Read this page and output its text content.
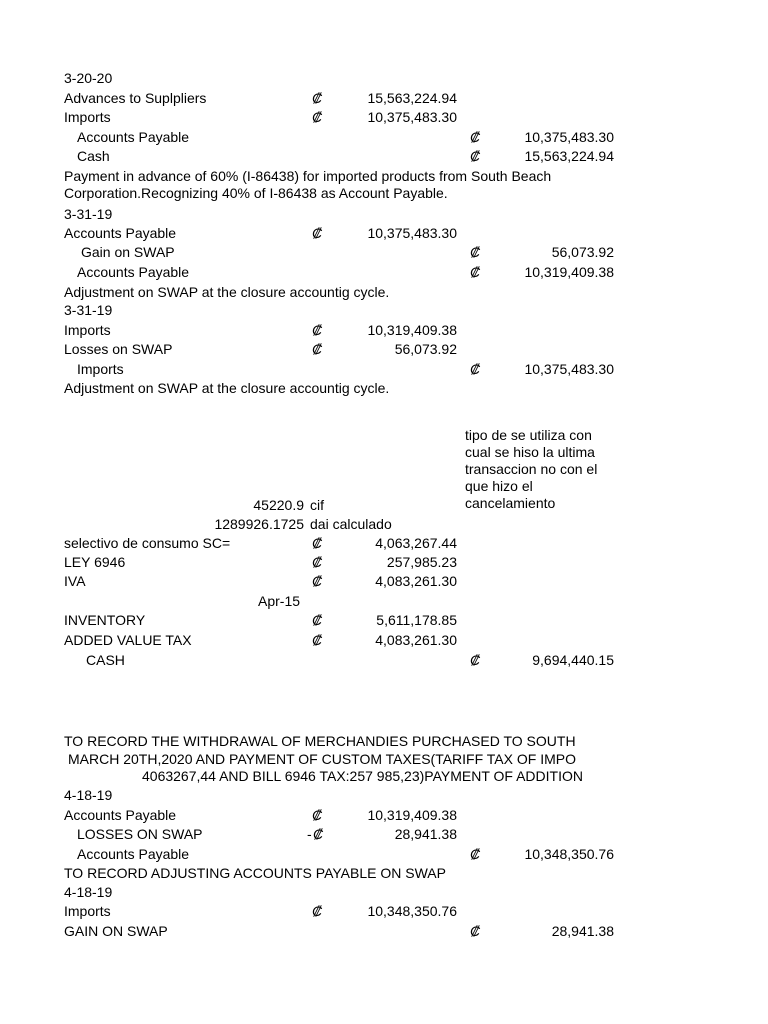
3-20-20
Advances to Suplpliers	₡	15,563,224.94
Imports	₡	10,375,483.30
Accounts Payable	₡	10,375,483.30
Cash	₡	15,563,224.94
Payment in advance of 60% (I-86438) for imported products from South Beach Corporation.Recognizing 40% of I-86438 as Account Payable.
3-31-19
Accounts Payable	₡	10,375,483.30
Gain on SWAP	₡	56,073.92
Accounts Payable	₡	10,319,409.38
Adjustment on SWAP at the closure accountig cycle.
3-31-19
Imports	₡	10,319,409.38
Losses on SWAP	₡	56,073.92
Imports	₡	10,375,483.30
Adjustment on SWAP at the closure accountig cycle.
tipo de se utiliza con cual se hiso la ultima transaccion no con el que hizo el cancelamiento
45220.9 cif
1289926.1725 dai calculado
selectivo de consumo SC=	₡	4,063,267.44
LEY 6946	₡	257,985.23
IVA	₡	4,083,261.30
Apr-15
INVENTORY	₡	5,611,178.85
ADDED VALUE TAX	₡	4,083,261.30
CASH	₡	9,694,440.15
TO RECORD THE WITHDRAWAL OF MERCHANDIES PURCHASED TO SOUTH
MARCH 20TH,2020 AND PAYMENT OF CUSTOM TAXES(TARIFF TAX OF IMPO
4063267,44 AND BILL 6946 TAX:257 985,23)PAYMENT OF ADDITION
4-18-19
Accounts Payable	₡	10,319,409.38
LOSSES ON SWAP	- ₡	28,941.38
Accounts Payable	₡	10,348,350.76
TO RECORD ADJUSTING ACCOUNTS PAYABLE ON SWAP
4-18-19
Imports	₡	10,348,350.76
GAIN ON SWAP	₡	28,941.38
